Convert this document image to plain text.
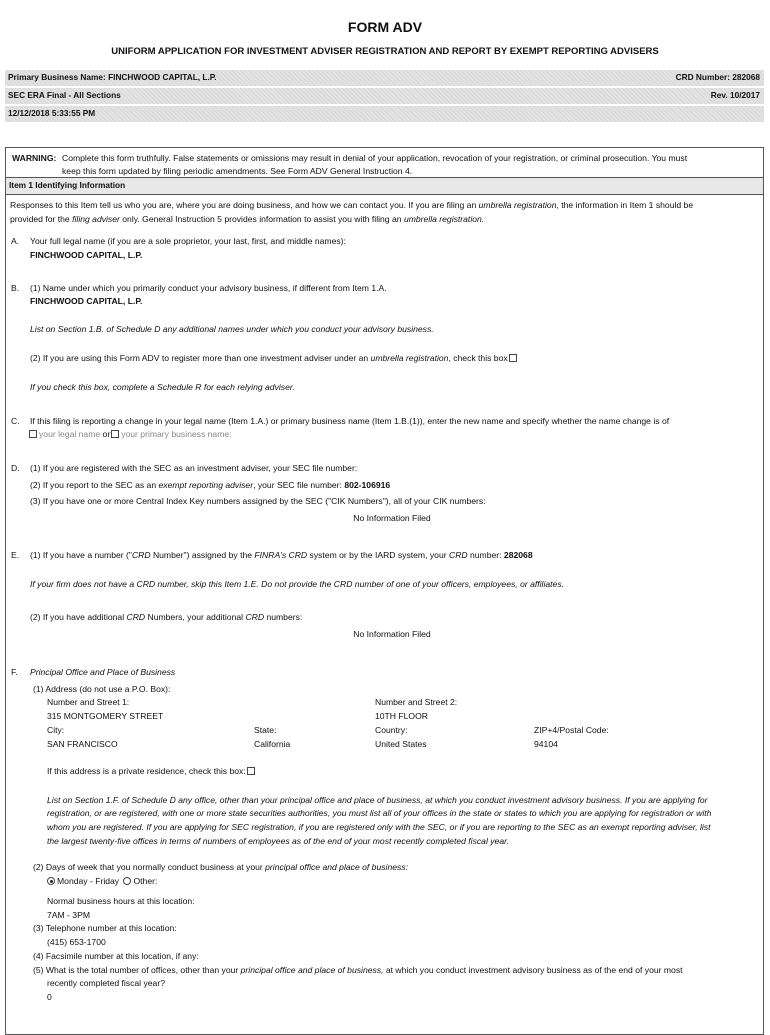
FORM ADV
UNIFORM APPLICATION FOR INVESTMENT ADVISER REGISTRATION AND REPORT BY EXEMPT REPORTING ADVISERS
Primary Business Name: FINCHWOOD CAPITAL, L.P.	CRD Number: 282068
SEC ERA Final - All Sections	Rev. 10/2017
12/12/2018 5:33:55 PM
WARNING: Complete this form truthfully. False statements or omissions may result in denial of your application, revocation of your registration, or criminal prosecution. You must
keep this form updated by filing periodic amendments. See Form ADV General Instruction 4.
Item 1 Identifying Information
Responses to this Item tell us who you are, where you are doing business, and how we can contact you. If you are filing an umbrella registration, the information in Item 1 should be
provided for the filing adviser only. General Instruction 5 provides information to assist you with filing an umbrella registration.
A. Your full legal name (if you are a sole proprietor, your last, first, and middle names):
FINCHWOOD CAPITAL, L.P.
B. (1) Name under which you primarily conduct your advisory business, if different from Item 1.A.
FINCHWOOD CAPITAL, L.P.
List on Section 1.B. of Schedule D any additional names under which you conduct your advisory business.
(2) If you are using this Form ADV to register more than one investment adviser under an umbrella registration, check this box
If you check this box, complete a Schedule R for each relying adviser.
C. If this filing is reporting a change in your legal name (Item 1.A.) or primary business name (Item 1.B.(1)), enter the new name and specify whether the name change is of
your legal name or your primary business name:
D. (1) If you are registered with the SEC as an investment adviser, your SEC file number:
(2) If you report to the SEC as an exempt reporting adviser, your SEC file number: 802-106916
(3) If you have one or more Central Index Key numbers assigned by the SEC ("CIK Numbers"), all of your CIK numbers:
No Information Filed
E. (1) If you have a number ("CRD Number") assigned by the FINRA's CRD system or by the IARD system, your CRD number: 282068
If your firm does not have a CRD number, skip this Item 1.E. Do not provide the CRD number of one of your officers, employees, or affiliates.
(2) If you have additional CRD Numbers, your additional CRD numbers:
No Information Filed
F. Principal Office and Place of Business
(1) Address (do not use a P.O. Box):
Number and Street 1:	Number and Street 2:
315 MONTGOMERY STREET	10TH FLOOR
City:	State:	Country:	ZIP+4/Postal Code:
SAN FRANCISCO	California	United States	94104
If this address is a private residence, check this box:
List on Section 1.F. of Schedule D any office, other than your principal office and place of business, at which you conduct investment advisory business. If you are applying for
registration, or are registered, with one or more state securities authorities, you must list all of your offices in the state or states to which you are applying for registration or with
whom you are registered. If you are applying for SEC registration, if you are registered only with the SEC, or if you are reporting to the SEC as an exempt reporting adviser, list
the largest twenty-five offices in terms of numbers of employees as of the end of your most recently completed fiscal year.
(2) Days of week that you normally conduct business at your principal office and place of business:
Monday - Friday Other:
Normal business hours at this location:
7AM - 3PM
(3) Telephone number at this location:
(415) 653-1700
(4) Facsimile number at this location, if any:
(5) What is the total number of offices, other than your principal office and place of business, at which you conduct investment advisory business as of the end of your most
recently completed fiscal year?
0
